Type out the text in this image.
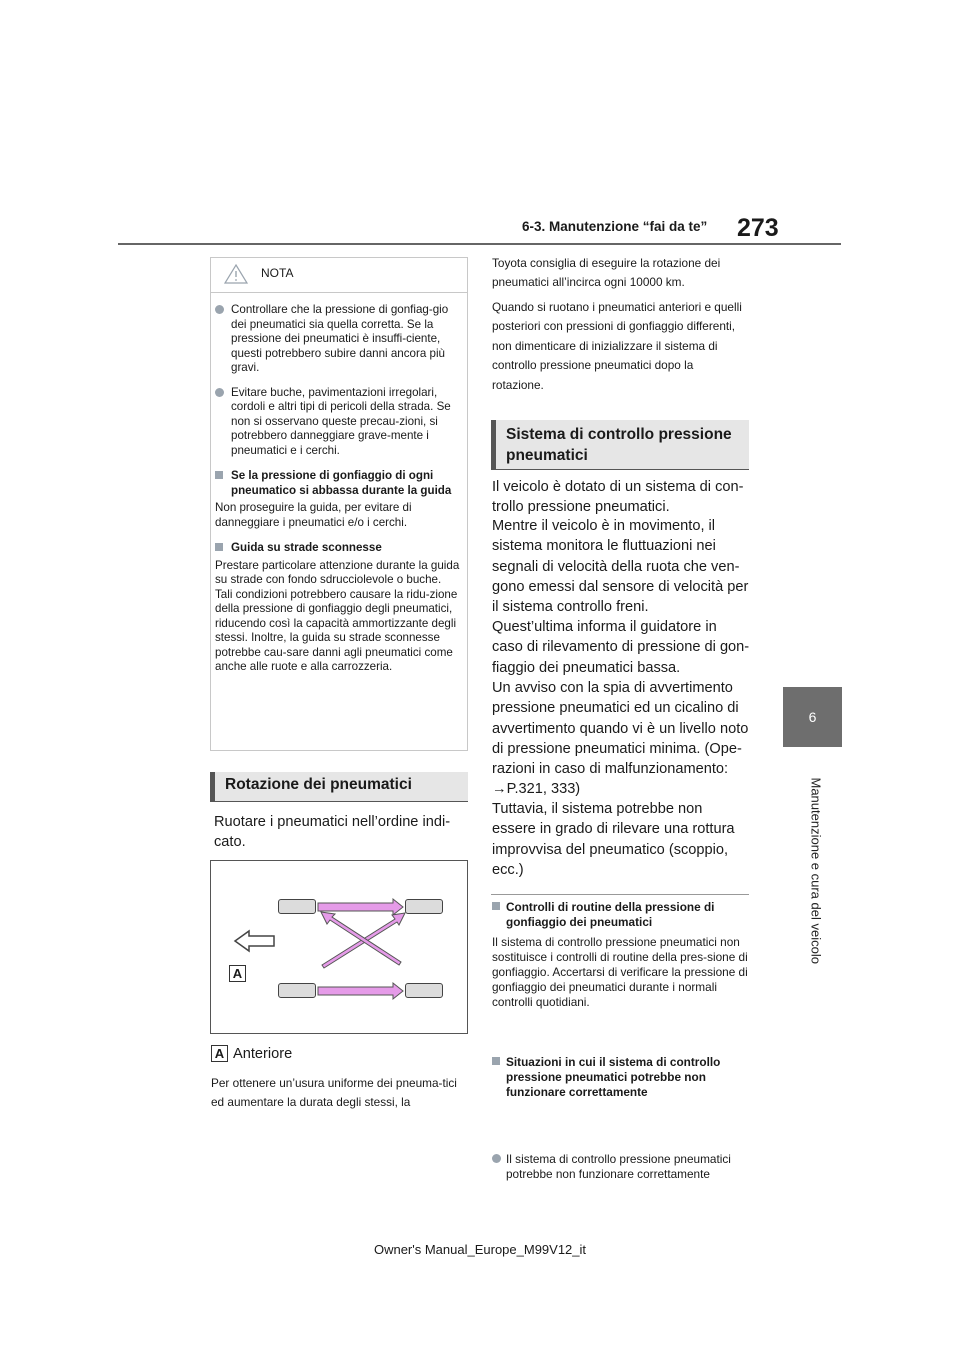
6-3. Manutenzione “fai da te” 273
6
Manutenzione e cura del veicolo
NOTA
Controllare che la pressione di gonfiag-gio dei pneumatici sia quella corretta. Se la pressione dei pneumatici è insuffi-ciente, questi potrebbero subire danni ancora più gravi.
Evitare buche, pavimentazioni irregolari, cordoli e altri tipi di pericoli della strada. Se non si osservano queste precau-zioni, si potrebbero danneggiare grave-mente i pneumatici e i cerchi.
Se la pressione di gonfiaggio di ogni pneumatico si abbassa durante la guida
Non proseguire la guida, per evitare di danneggiare i pneumatici e/o i cerchi.
Guida su strade sconnesse
Prestare particolare attenzione durante la guida su strade con fondo sdrucciolevole o buche.
Tali condizioni potrebbero causare la ridu-zione della pressione di gonfiaggio degli pneumatici, riducendo così la capacità ammortizzante degli stessi. Inoltre, la guida su strade sconnesse potrebbe cau-sare danni agli pneumatici come anche alle ruote e alla carrozzeria.
Rotazione dei pneumatici
Ruotare i pneumatici nell’ordine indi-cato.
A
A Anteriore
Per ottenere un’usura uniforme dei pneuma-tici ed aumentare la durata degli stessi, la
Toyota consiglia di eseguire la rotazione dei pneumatici all’incirca ogni 10000 km.
Quando si ruotano i pneumatici anteriori e quelli posteriori con pressioni di gonfiaggio differenti, non dimenticare di inizializzare il sistema di controllo pressione pneumatici dopo la rotazione.
Sistema di controllo pressione pneumatici
Il veicolo è dotato di un sistema di con-trollo pressione pneumatici.
Mentre il veicolo è in movimento, il sistema monitora le fluttuazioni nei segnali di velocità della ruota che ven-gono emessi dal sensore di velocità per il sistema controllo freni.
Quest’ultima informa il guidatore in caso di rilevamento di pressione di gon-fiaggio dei pneumatici bassa.
Un avviso con la spia di avvertimento pressione pneumatici ed un cicalino di avvertimento quando vi è un livello noto di pressione pneumatici minima. (Ope-razioni in caso di malfunzionamento:
→P.321, 333)
Tuttavia, il sistema potrebbe non essere in grado di rilevare una rottura improvvisa del pneumatico (scoppio, ecc.)
Controlli di routine della pressione di gonfiaggio dei pneumatici
Il sistema di controllo pressione pneumatici non sostituisce i controlli di routine della pres-sione di gonfiaggio. Accertarsi di verificare la pressione di gonfiaggio dei pneumatici durante i normali controlli quotidiani.
Situazioni in cui il sistema di controllo pressione pneumatici potrebbe non funzionare correttamente
Il sistema di controllo pressione pneumatici potrebbe non funzionare correttamente
Owner's Manual_Europe_M99V12_it
